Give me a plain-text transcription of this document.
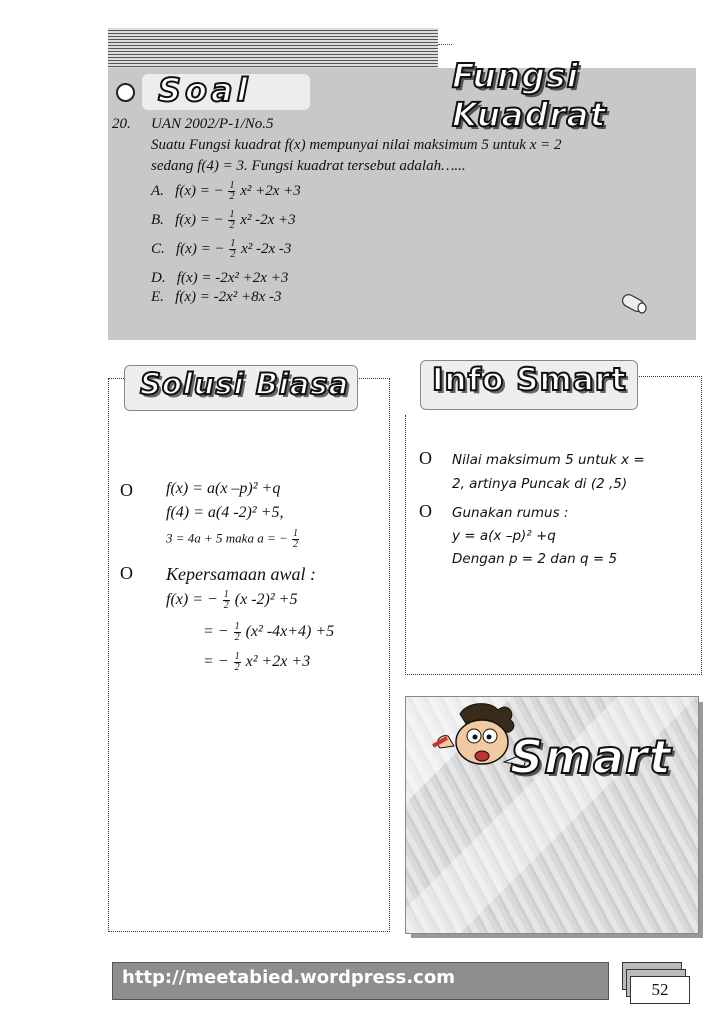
Soal	Fungsi Kuadrat
20. UAN 2002/P-1/No.5
Suatu Fungsi kuadrat f(x) mempunyai nilai maksimum 5 untuk x = 2
sedang f(4) = 3. Fungsi kuadrat tersebut adalah…...
A. f(x) = − $\frac{1}{2} x^2 +2x +3$
B. f(x) = − $\frac{1}{2} x^2$ -2x +3
C. f(x) = − $\frac{1}{2} x^2$ -2x -3
D. f(x) = -2x² +2x +3
E. f(x) = -2x² +8x -3
Solusi Biasa
O f(x) = a(x –p)² +q
f(4) = a(4 -2)² +5,
3 = 4a + 5 maka a = − $\frac{1}{2}$
O Kepersamaan awal :
f(x) = − $\frac{1}{2} (x$ -2)² +5
= − $\frac{1}{2} (x^2$ -4x+4) +5
= − $\frac{1}{2} x^2 +2x +3$
Info Smart
O Nilai maksimum 5 untuk x =
2, artinya Puncak di (2 ,5)
O Gunakan rumus :
y = a(x –p)² +q
Dengan p = 2 dan q = 5
Smart
http://meetabied.wordpress.com
52
